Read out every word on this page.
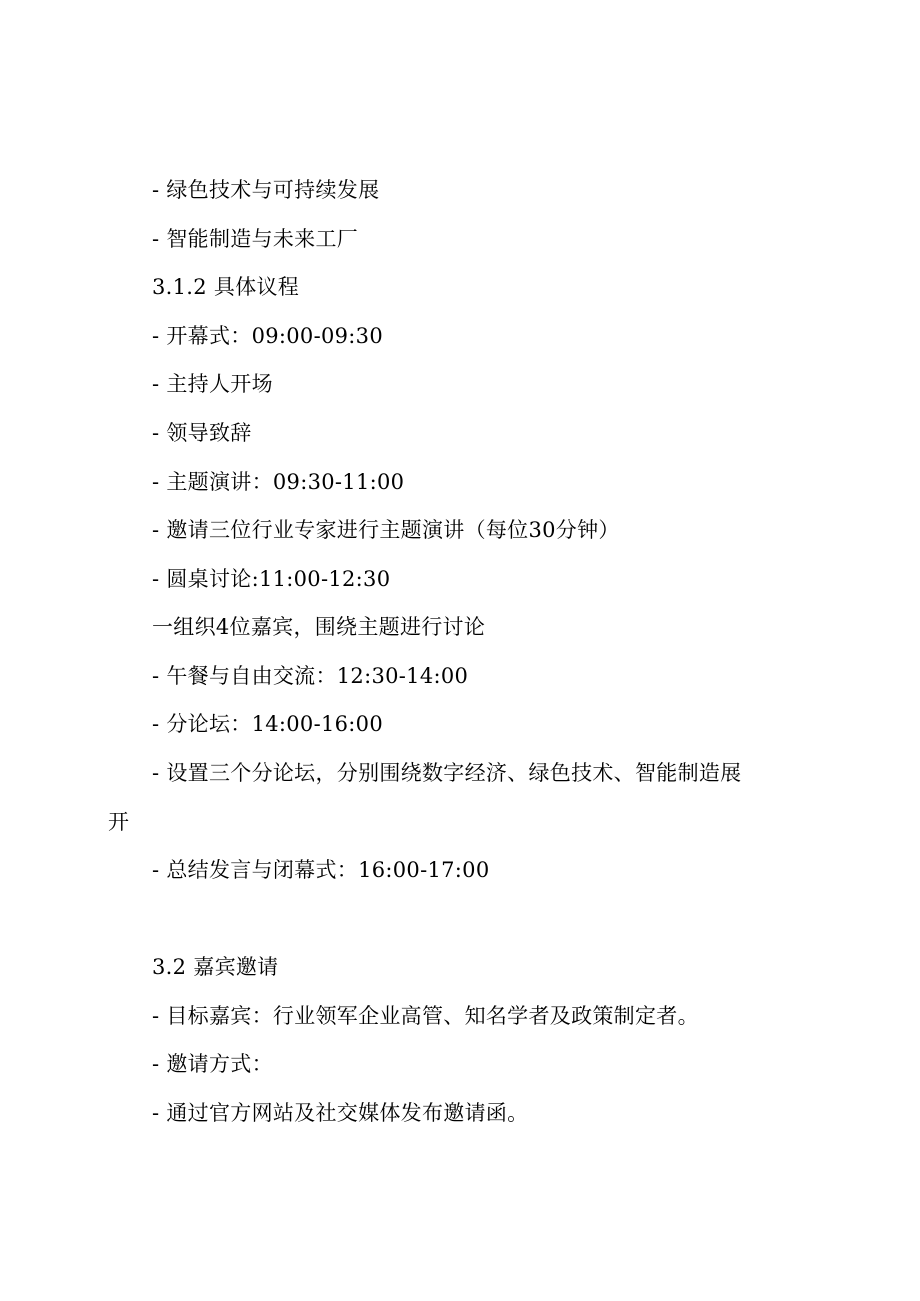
- 绿色技术与可持续发展
- 智能制造与未来工厂
3.1.2 具体议程
- 开幕式：09:00-09:30
- 主持人开场
- 领导致辞
- 主题演讲：09:30-11:00
- 邀请三位行业专家进行主题演讲（每位30分钟）
- 圆桌讨论:11:00-12:30
一组织4位嘉宾，围绕主题进行讨论
- 午餐与自由交流：12:30-14:00
- 分论坛：14:00-16:00
- 设置三个分论坛，分别围绕数字经济、绿色技术、智能制造展
开
- 总结发言与闭幕式：16:00-17:00
3.2 嘉宾邀请
- 目标嘉宾：行业领军企业高管、知名学者及政策制定者。
- 邀请方式：
- 通过官方网站及社交媒体发布邀请函。
